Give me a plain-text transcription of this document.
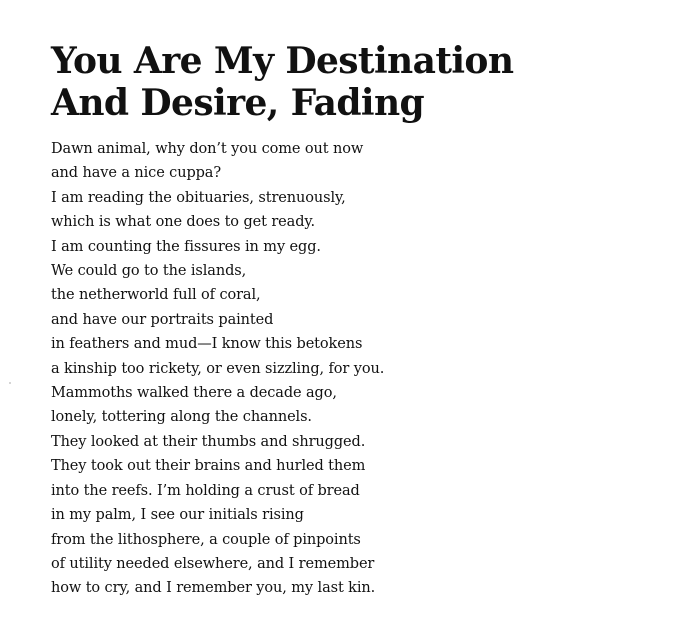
You Are My Destination
And Desire, Fading
Dawn animal, why don’t you come out now
and have a nice cuppa?
I am reading the obituaries, strenuously,
which is what one does to get ready.
I am counting the fissures in my egg.
We could go to the islands,
the netherworld full of coral,
and have our portraits painted
in feathers and mud—I know this betokens
a kinship too rickety, or even sizzling, for you.
Mammoths walked there a decade ago,
lonely, tottering along the channels.
They looked at their thumbs and shrugged.
They took out their brains and hurled them
into the reefs. I’m holding a crust of bread
in my palm, I see our initials rising
from the lithosphere, a couple of pinpoints
of utility needed elsewhere, and I remember
how to cry, and I remember you, my last kin.
